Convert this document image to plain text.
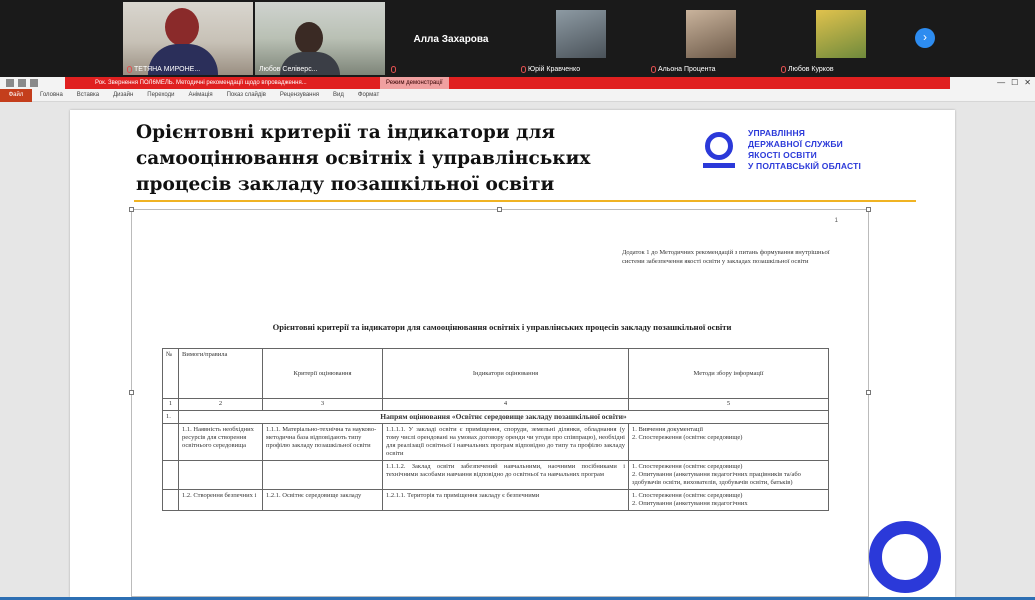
ТЕТЯНА МИРОНЕ...	Любов Селіверс...
Алла Захарова
Юрій Кравченко	Альона Процента	Любов Курков
›
Рок. Звернення ПОЛ6МЕЛЬ. Методичні рекомендації щодо впровадження...	Режим демонстрації	— ☐ ✕
Файл	Головна Вставка Дизайн Переходи Анімація Показ слайдів Рецензування Вид Формат
Орієнтовні критерії та індикатори для самооцінювання освітніх і управлінських процесів закладу позашкільної освіти
УПРАВЛІННЯ
ДЕРЖАВНОЇ СЛУЖБИ
ЯКОСТІ ОСВІТИ
У ПОЛТАВСЬКІЙ ОБЛАСТІ
1
Додаток 1 до Методичних рекомендацій з питань формування внутрішньої системи забезпечення якості освіти у закладах позашкільної освіти
Орієнтовні критерії та індикатори для самооцінювання освітніх і управлінських процесів закладу позашкільної освіти
№	Вимоги/правила	Критерії оцінювання	Індикатори оцінювання	Методи збору інформації
1	2	3	4	5
1.	Напрям оцінювання «Освітнє середовище закладу позашкільної освіти»			
	1.1. Наявність необхідних ресурсів для створення освітнього середовища	1.1.1. Матеріально-технічна та науково-методична база відповідають типу профілю закладу позашкільної освіти	1.1.1.1. У закладі освіти є приміщення, споруди, земельні ділянки, обладнання (у тому числі орендовані на умовах договору оренди чи угоди про співпрацю), необхідні для реалізації освітньої і навчальних програм відповідно до типу та профілю закладу освіти	1. Вивчення документації
2. Спостереження (освітнє середовище)
			1.1.1.2. Заклад освіти забезпечений навчальними, наочними посібниками і технічними засобами навчання відповідно до освітньої та навчальних програм	1. Спостереження (освітнє середовище)
2. Опитування (анкетування педагогічних працівників та/або здобувачів освіти, вихователів, здобувачів освіти, батьків)
	1.2. Створення безпечних і	1.2.1. Освітнє середовище закладу	1.2.1.1. Територія та приміщення закладу є безпечними	1. Спостереження (освітнє середовище)
2. Опитування (анкетування педагогічних
